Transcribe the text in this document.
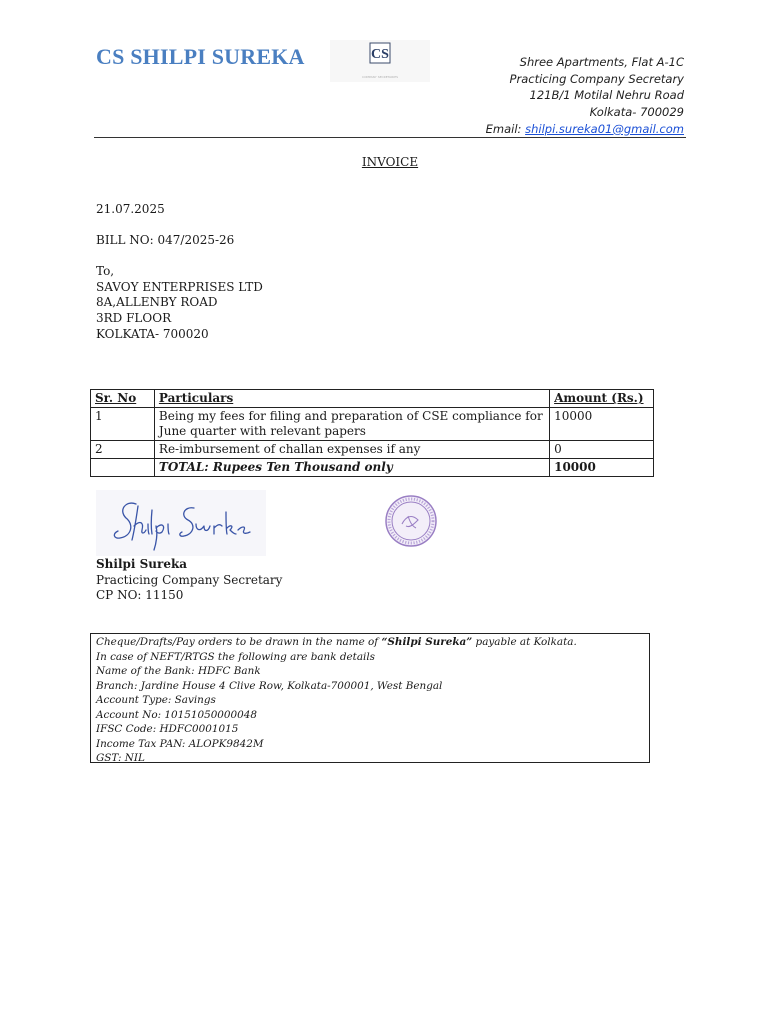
CS SHILPI SUREKA	CS
COMPANY SECRETARIES
Shree Apartments, Flat A-1C
Practicing Company Secretary
121B/1 Motilal Nehru Road
Kolkata- 700029
Email: shilpi.sureka01@gmail.com
INVOICE
21.07.2025
BILL NO: 047/2025-26
To,
SAVOY ENTERPRISES LTD
8A,ALLENBY ROAD
3RD FLOOR
KOLKATA- 700020
Sr. No	Particulars	Amount (Rs.)
1	Being my fees for filing and preparation of CSE compliance for June quarter with relevant papers	10000
2	Re-imbursement of challan expenses if any	0
	TOTAL: Rupees Ten Thousand only	10000
Shilpi Sureka
Practicing Company Secretary
CP NO: 11150
Cheque/Drafts/Pay orders to be drawn in the name of “Shilpi Sureka” payable at Kolkata.
In case of NEFT/RTGS the following are bank details
Name of the Bank: HDFC Bank
Branch: Jardine House 4 Clive Row, Kolkata-700001, West Bengal
Account Type: Savings
Account No: 10151050000048
IFSC Code: HDFC0001015
Income Tax PAN: ALOPK9842M
GST: NIL
